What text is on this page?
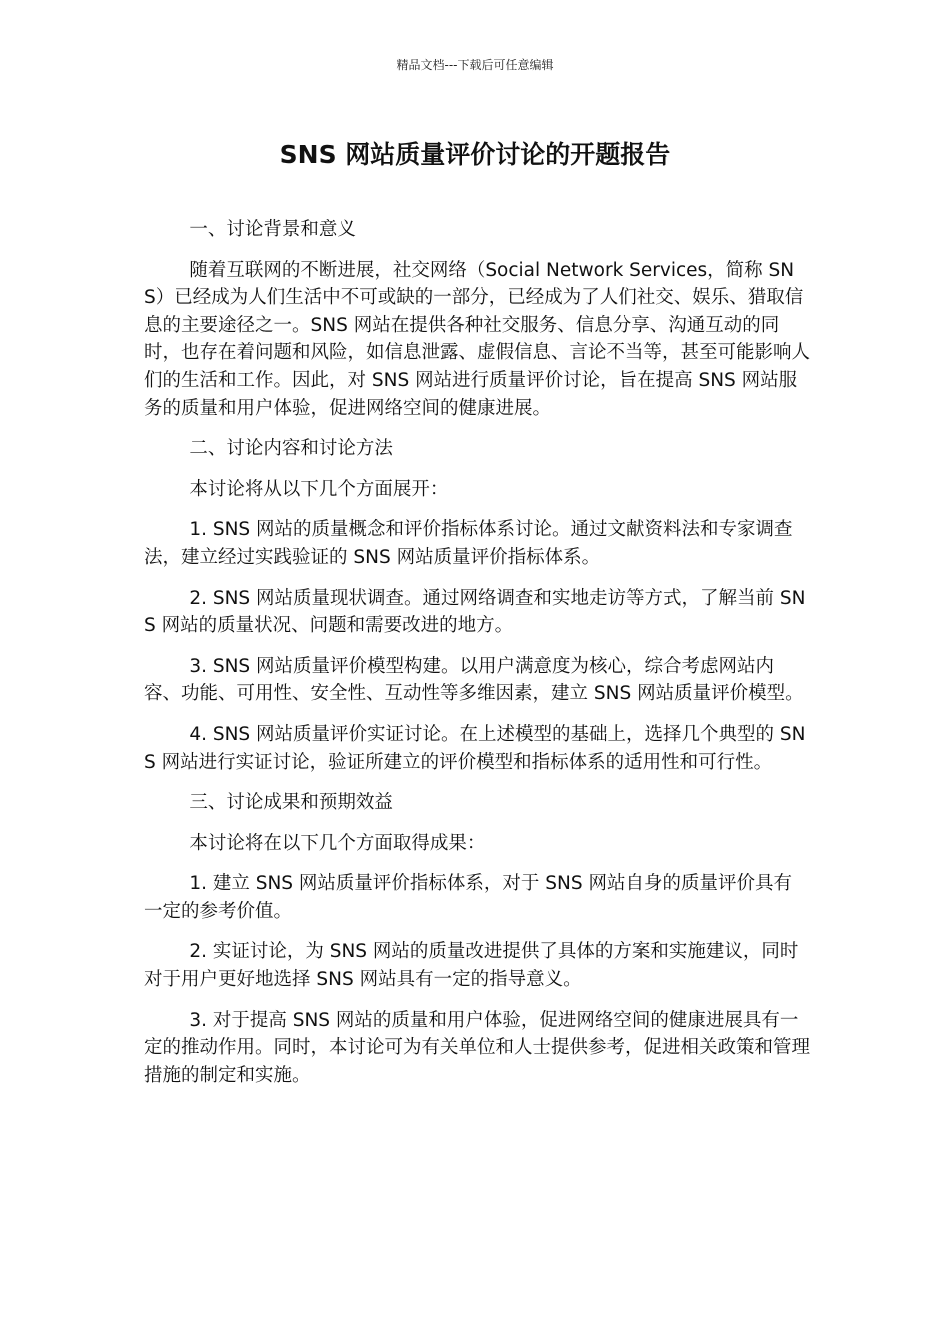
精品文档---下载后可任意编辑
SNS 网站质量评价讨论的开题报告

一、讨论背景和意义

随着互联网的不断进展，社交网络（Social Network Services，简称 SNS）已经成为人们生活中不可或缺的一部分，已经成为了人们社交、娱乐、猎取信息的主要途径之一。SNS 网站在提供各种社交服务、信息分享、沟通互动的同时，也存在着问题和风险，如信息泄露、虚假信息、言论不当等，甚至可能影响人们的生活和工作。因此，对 SNS 网站进行质量评价讨论，旨在提高 SNS 网站服务的质量和用户体验，促进网络空间的健康进展。

二、讨论内容和讨论方法

本讨论将从以下几个方面展开：

1. SNS 网站的质量概念和评价指标体系讨论。通过文献资料法和专家调查法，建立经过实践验证的 SNS 网站质量评价指标体系。

2. SNS 网站质量现状调查。通过网络调查和实地走访等方式，了解当前 SNS 网站的质量状况、问题和需要改进的地方。

3. SNS 网站质量评价模型构建。以用户满意度为核心，综合考虑网站内容、功能、可用性、安全性、互动性等多维因素，建立 SNS 网站质量评价模型。

4. SNS 网站质量评价实证讨论。在上述模型的基础上，选择几个典型的 SNS 网站进行实证讨论，验证所建立的评价模型和指标体系的适用性和可行性。

三、讨论成果和预期效益

本讨论将在以下几个方面取得成果：

1. 建立 SNS 网站质量评价指标体系，对于 SNS 网站自身的质量评价具有一定的参考价值。

2. 实证讨论，为 SNS 网站的质量改进提供了具体的方案和实施建议，同时对于用户更好地选择 SNS 网站具有一定的指导意义。

3. 对于提高 SNS 网站的质量和用户体验，促进网络空间的健康进展具有一定的推动作用。同时，本讨论可为有关单位和人士提供参考，促进相关政策和管理措施的制定和实施。
